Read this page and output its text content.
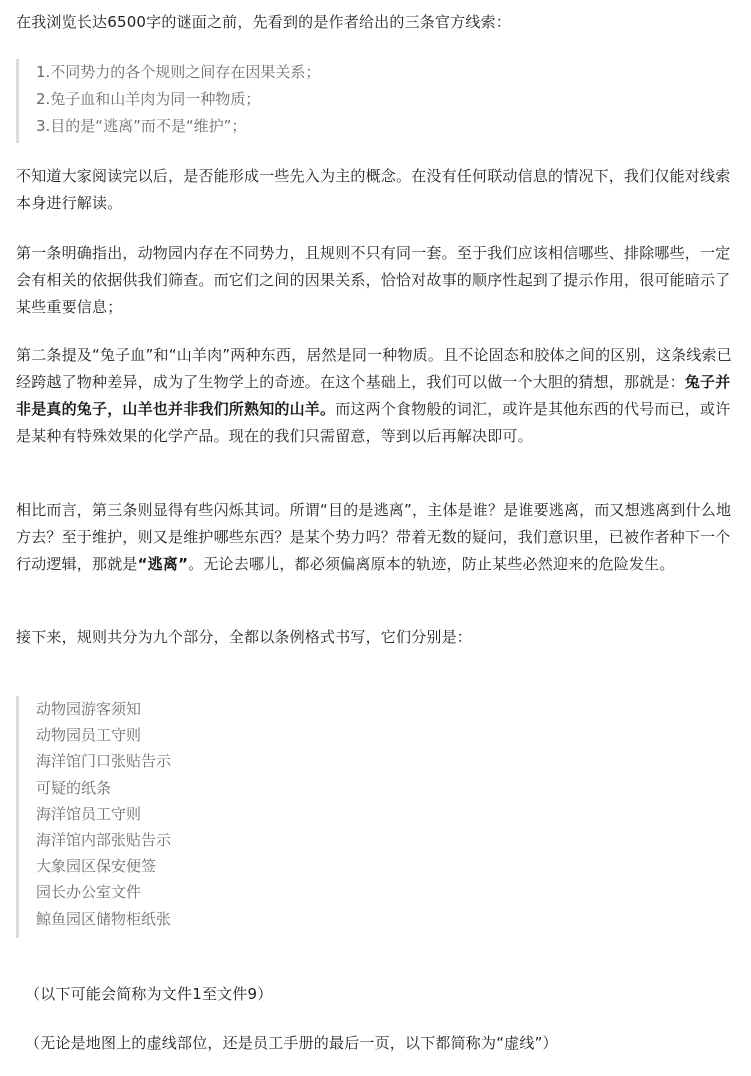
在我浏览长达6500字的谜面之前，先看到的是作者给出的三条官方线索：

1.不同势力的各个规则之间存在因果关系；

2.兔子血和山羊肉为同一种物质；

3.目的是“逃离”而不是“维护”；

不知道大家阅读完以后，是否能形成一些先入为主的概念。在没有任何联动信息的情况下，我们仅能对线索本身进行解读。

第一条明确指出，动物园内存在不同势力，且规则不只有同一套。至于我们应该相信哪些、排除哪些，一定会有相关的依据供我们筛查。而它们之间的因果关系，恰恰对故事的顺序性起到了提示作用，很可能暗示了某些重要信息；

第二条提及“兔子血”和“山羊肉”两种东西，居然是同一种物质。且不论固态和胶体之间的区别，这条线索已经跨越了物种差异，成为了生物学上的奇迹。在这个基础上，我们可以做一个大胆的猜想，那就是：兔子并非是真的兔子，山羊也并非我们所熟知的山羊。而这两个食物般的词汇，或许是其他东西的代号而已，或许是某种有特殊效果的化学产品。现在的我们只需留意，等到以后再解决即可。

相比而言，第三条则显得有些闪烁其词。所谓“目的是逃离”，主体是谁？是谁要逃离，而又想逃离到什么地方去？至于维护，则又是维护哪些东西？是某个势力吗？带着无数的疑问，我们意识里，已被作者种下一个行动逻辑，那就是“逃离”。无论去哪儿，都必须偏离原本的轨迹，防止某些必然迎来的危险发生。

接下来，规则共分为九个部分，全都以条例格式书写，它们分别是：

动物园游客须知

动物园员工守则

海洋馆门口张贴告示

可疑的纸条

海洋馆员工守则

海洋馆内部张贴告示

大象园区保安便签

园长办公室文件

鲸鱼园区储物柜纸张

（以下可能会简称为文件1至文件9）

（无论是地图上的虚线部位，还是员工手册的最后一页，以下都简称为“虚线”）
